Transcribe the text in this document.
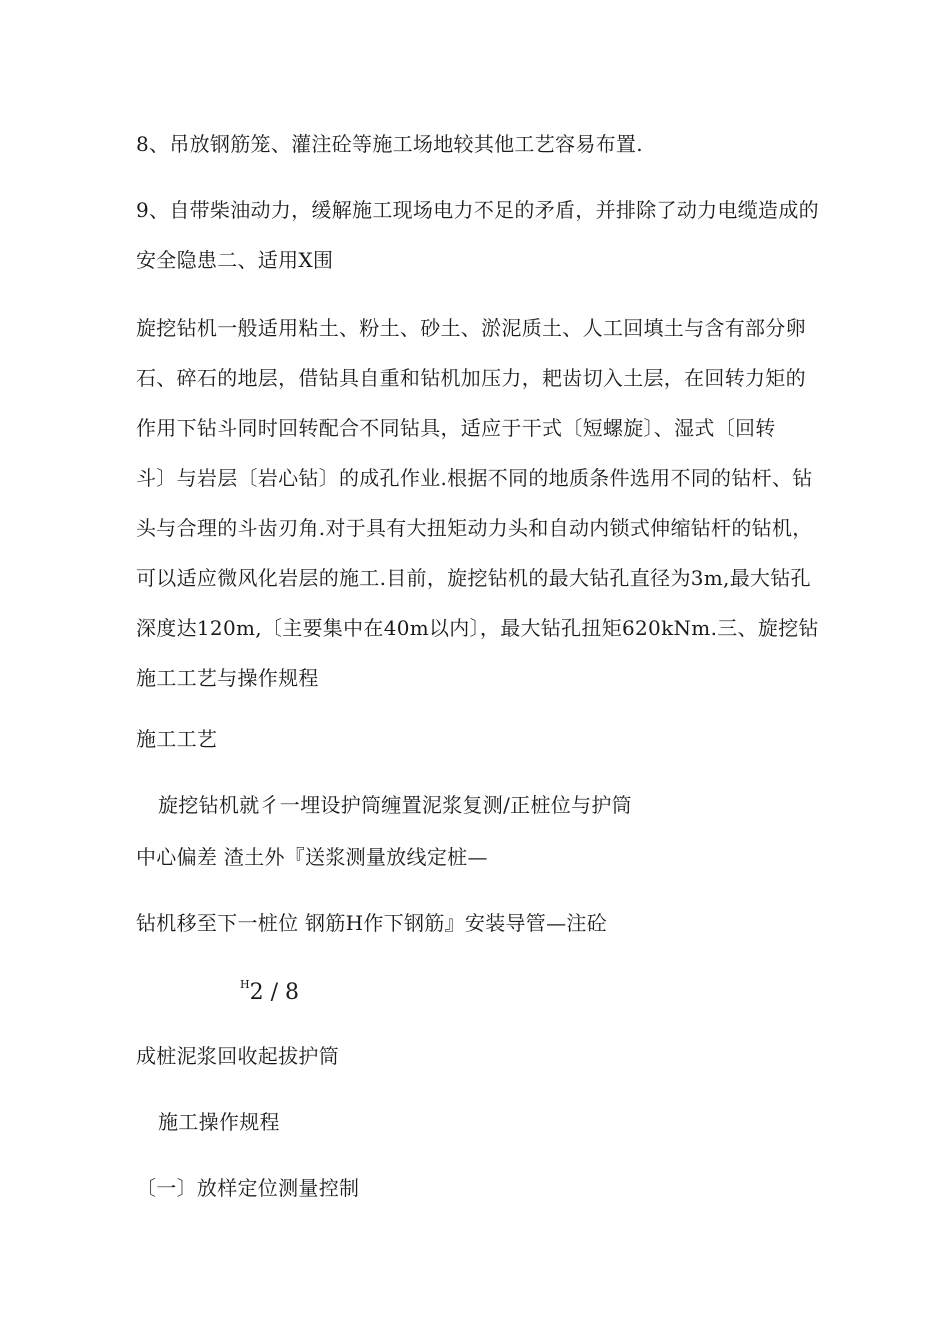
8、吊放钢筋笼、灌注砼等施工场地较其他工艺容易布置.
9、自带柴油动力，缓解施工现场电力不足的矛盾，并排除了动力电缆造成的
安全隐患二、适用X围
旋挖钻机一般适用粘土、粉土、砂土、淤泥质土、人工回填土与含有部分卵
石、碎石的地层，借钻具自重和钻机加压力，耙齿切入土层，在回转力矩的
作用下钻斗同时回转配合不同钻具，适应于干式〔短螺旋〕、湿式〔回转
斗〕与岩层〔岩心钻〕的成孔作业.根据不同的地质条件选用不同的钻杆、钻
头与合理的斗齿刃角.对于具有大扭矩动力头和自动内锁式伸缩钻杆的钻机，
可以适应微风化岩层的施工.目前，旋挖钻机的最大钻孔直径为3m,最大钻孔
深度达120m,〔主要集中在40m以内〕，最大钻孔扭矩620kNm.三、旋挖钻
施工工艺与操作规程
施工工艺
旋挖钻机就彳一埋设护筒缠置泥浆复测/正桩位与护筒
中心偏差 渣土外『送浆测量放线定桩—
钻机移至下一桩位 钢筋H作下钢筋』安装导管—注砼
$^H$2 / 8
成桩泥浆回收起拔护筒
施工操作规程
〔一〕放样定位测量控制
